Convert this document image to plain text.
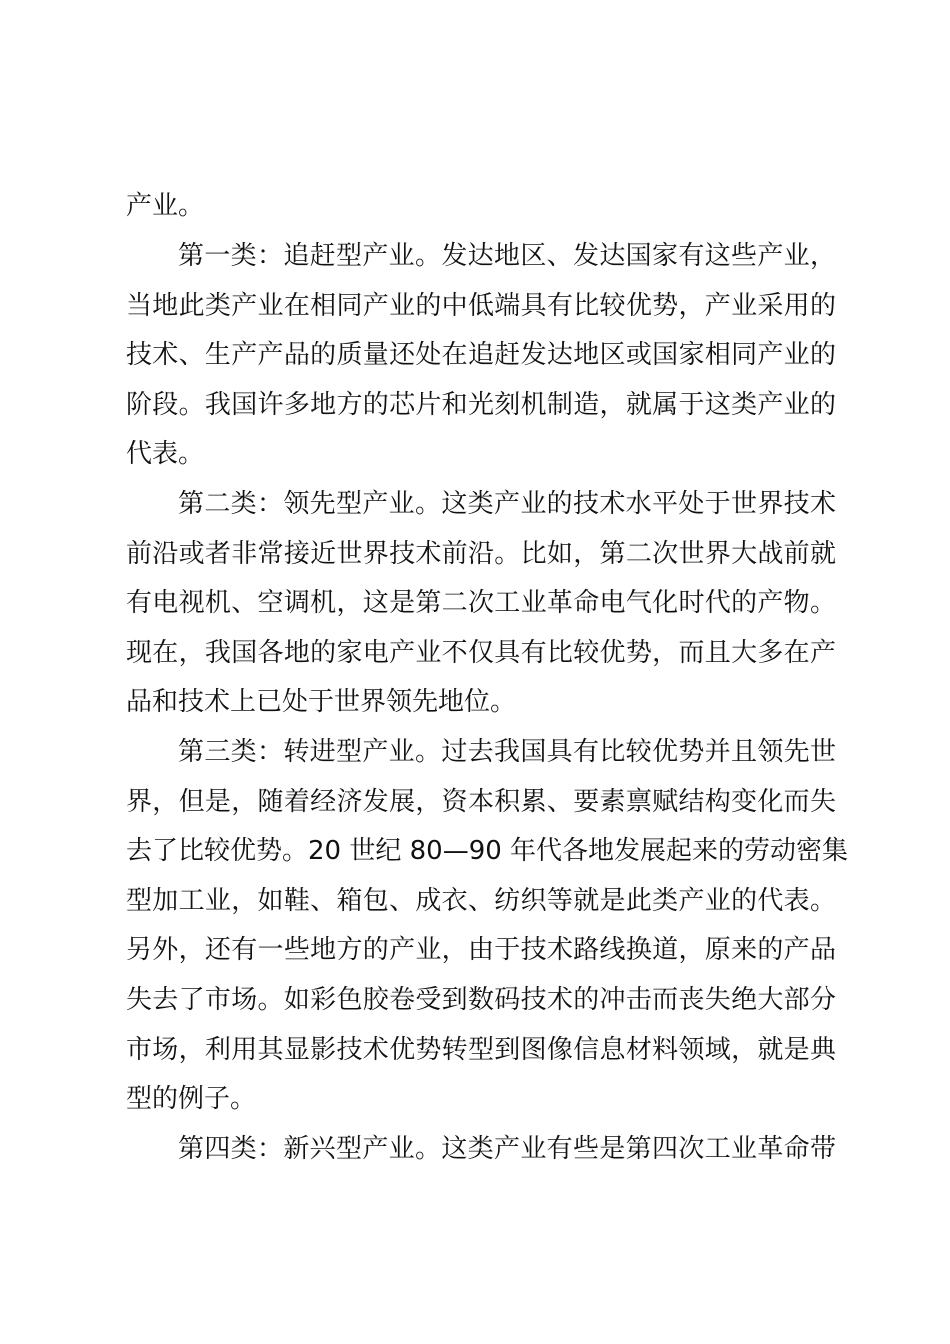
产业。
第一类：追赶型产业。发达地区、发达国家有这些产业，
当地此类产业在相同产业的中低端具有比较优势，产业采用的
技术、生产产品的质量还处在追赶发达地区或国家相同产业的
阶段。我国许多地方的芯片和光刻机制造，就属于这类产业的
代表。
第二类：领先型产业。这类产业的技术水平处于世界技术
前沿或者非常接近世界技术前沿。比如，第二次世界大战前就
有电视机、空调机，这是第二次工业革命电气化时代的产物。
现在，我国各地的家电产业不仅具有比较优势，而且大多在产
品和技术上已处于世界领先地位。
第三类：转进型产业。过去我国具有比较优势并且领先世
界，但是，随着经济发展，资本积累、要素禀赋结构变化而失
去了比较优势。20 世纪 80—90 年代各地发展起来的劳动密集
型加工业，如鞋、箱包、成衣、纺织等就是此类产业的代表。
另外，还有一些地方的产业，由于技术路线换道，原来的产品
失去了市场。如彩色胶卷受到数码技术的冲击而丧失绝大部分
市场，利用其显影技术优势转型到图像信息材料领域，就是典
型的例子。
第四类：新兴型产业。这类产业有些是第四次工业革命带
